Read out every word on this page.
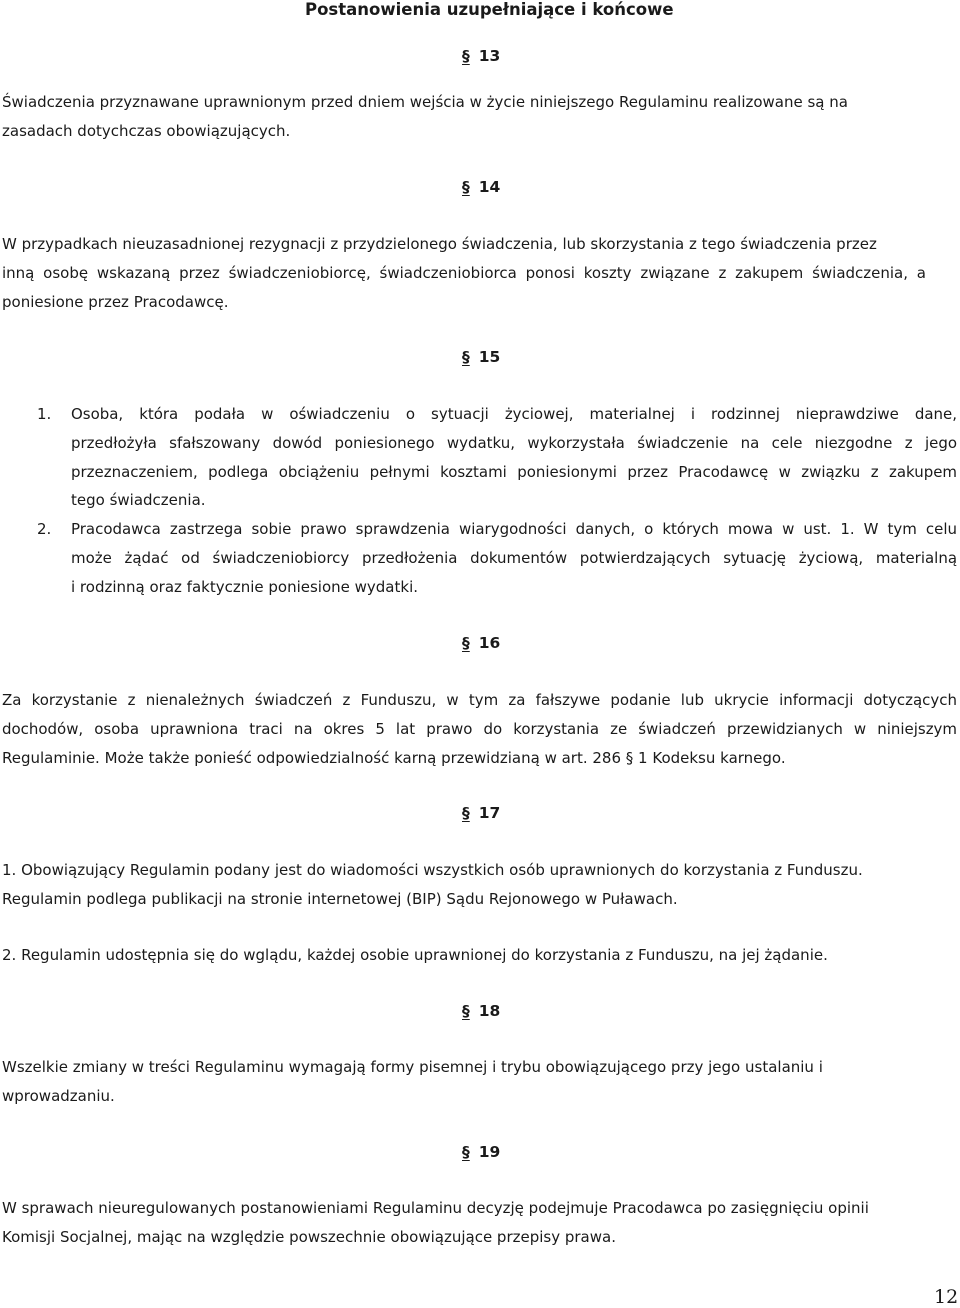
Postanowienia uzupełniające i końcowe
§ 13
Świadczenia przyznawane uprawnionym przed dniem wejścia w życie niniejszego Regulaminu realizowane są na
zasadach dotychczas obowiązujących.
§ 14
W przypadkach nieuzasadnionej rezygnacji z przydzielonego świadczenia, lub skorzystania z tego świadczenia przez
inną osobę wskazaną przez świadczeniobiorcę, świadczeniobiorca ponosi koszty związane z zakupem świadczenia, a
poniesione przez Pracodawcę.
§ 15
1. Osoba, która podała w oświadczeniu o sytuacji życiowej, materialnej i rodzinnej nieprawdziwe dane,
przedłożyła sfałszowany dowód poniesionego wydatku, wykorzystała świadczenie na cele niezgodne z jego
przeznaczeniem, podlega obciążeniu pełnymi kosztami poniesionymi przez Pracodawcę w związku z zakupem
tego świadczenia.
2. Pracodawca zastrzega sobie prawo sprawdzenia wiarygodności danych, o których mowa w ust. 1. W tym celu
może żądać od świadczeniobiorcy przedłożenia dokumentów potwierdzających sytuację życiową, materialną
i rodzinną oraz faktycznie poniesione wydatki.
§ 16
Za korzystanie z nienależnych świadczeń z Funduszu, w tym za fałszywe podanie lub ukrycie informacji dotyczących
dochodów, osoba uprawniona traci na okres 5 lat prawo do korzystania ze świadczeń przewidzianych w niniejszym
Regulaminie. Może także ponieść odpowiedzialność karną przewidzianą w art. 286 § 1 Kodeksu karnego.
§ 17
1. Obowiązujący Regulamin podany jest do wiadomości wszystkich osób uprawnionych do korzystania z Funduszu.
Regulamin podlega publikacji na stronie internetowej (BIP) Sądu Rejonowego w Puławach.
2. Regulamin udostępnia się do wglądu, każdej osobie uprawnionej do korzystania z Funduszu, na jej żądanie.
§ 18
Wszelkie zmiany w treści Regulaminu wymagają formy pisemnej i trybu obowiązującego przy jego ustalaniu i
wprowadzaniu.
§ 19
W sprawach nieuregulowanych postanowieniami Regulaminu decyzję podejmuje Pracodawca po zasięgnięciu opinii
Komisji Socjalnej, mając na względzie powszechnie obowiązujące przepisy prawa.
12
